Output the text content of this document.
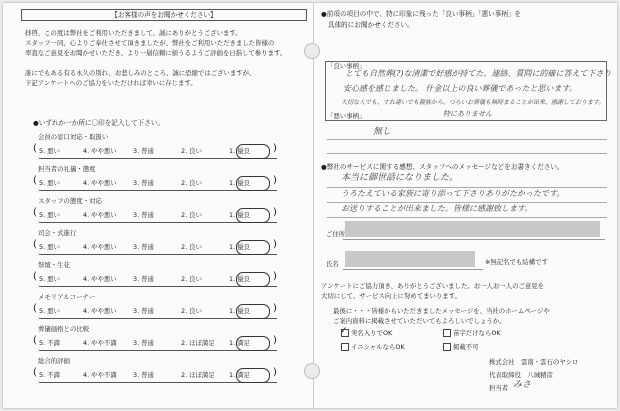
【お客様の声をお聞かせください】
拝啓、この度は弊社をご利用いただきまして、誠にありがとうございます。
スタッフ一同、心よりご奉仕させて頂きましたが、弊社をご利用いただきました皆様の
率直なご意見をお聞かせいただき、より一層信頼に値うるようご評価を日指して参ります。
誰にでもある有る永久の別れ、お悲しみのところ、誠に恐縮ではございますが、
下記アンケートへのご協力をいただければ幸いに存じます。
●いずれか一か所に〇印を記入して下さい。
会員の窓口対応・取扱い
(	)
5. 悪い	4. やや悪い	3. 普通	2. 良い	1. 優良
担当者の礼儀・態度
(	)
5. 悪い	4. やや悪い	3. 普通	2. 良い	1. 優良
スタッフの態度・対応
(	)
5. 悪い	4. やや悪い	3. 普通	2. 良い	1. 優良
司会・式進行
(	)
5. 悪い	4. やや悪い	3. 普通	2. 良い	1. 優良
祭壇・生花
(	)
5. 悪い	4. やや悪い	3. 普通	2. 良い	1. 優良
メモリアルコーナー
(	)
5. 悪い	4. やや悪い	3. 普通	2. 良い	1. 優良
葬儀価格との比較
(	)
5. 不満	4. やや不満	3. 普通	2. ほぼ満足 1. 満足
総合的評価
(	)
5. 不満	4. やや不満	3. 普通	2. ほぼ満足 1. 満足
●前項の項目の中で、特に印象に残った「良い事柄」「悪い事柄」を
具体的にお聞かせください。
「良い事柄」
とても自然葬(?)な清潔で好感が持てた。連絡、質問に的確に答えて下さり
安心感を感じました。 什金以上の良い葬儀であったと思います。
大切な人でも、すれ違いでも親族から、つらいお葬儀も無時まることが出来、感謝しております。
「悪い事柄」	特にありません
無し
●弊社のサービスに関する感想、スタッフへのメッセージなどをお書きください。
本当に御世話になりました。
うろたえている家族に寄り添って下さりありがたかったです。
お送りすることが出来ました。皆様に感謝致します。
ご住所
氏名	※無記名でも結構です
アンケートにご協力頂き、ありがとうございました。お一人お一人のご意見を
大切にして、サービス向上に努めてまいります。
最後に・・・皆様からいただきましたメッセージを、当社のホームページや
ご案内資料に掲載させていただいてもよろしいでしょうか。
✓ 実名入りでOK	苗字だけならOK
イニシャルならOK	掲載不可
株式会社　雲南・雲石のヤシロ
代表取締役　八城精彦
担当者 みさ
